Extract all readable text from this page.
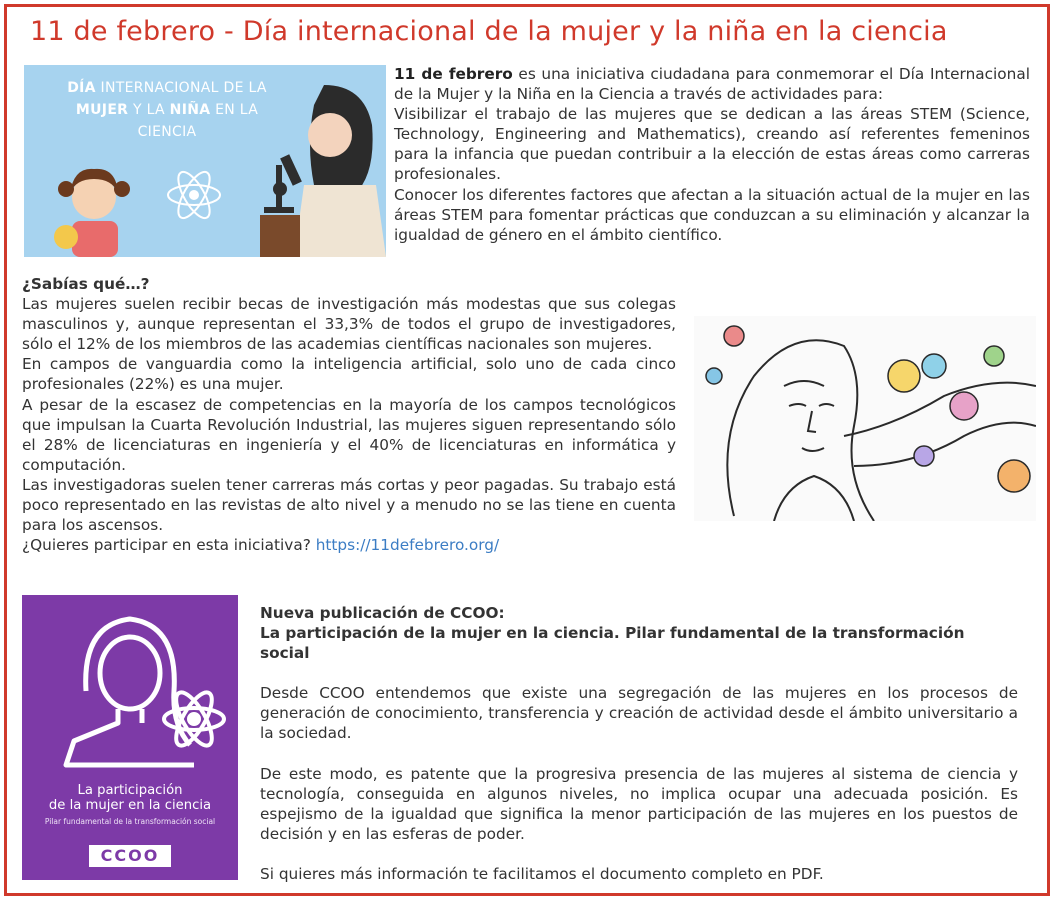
11 de febrero - Día internacional de la mujer y la niña en la ciencia
DÍA INTERNACIONAL DE LA
MUJER Y LA NIÑA EN LA
CIENCIA

11 de febrero es una iniciativa ciudadana para conmemorar el Día Internacional de la Mujer y la Niña en la Ciencia a través de actividades para:

Visibilizar el trabajo de las mujeres que se dedican a las áreas STEM (Science, Technology, Engineering and Mathematics), creando así referentes femeninos para la infancia que puedan contribuir a la elección de estas áreas como carreras profesionales.

Conocer los diferentes factores que afectan a la situación actual de la mujer en las áreas STEM para fomentar prácticas que conduzcan a su eliminación y alcanzar la igualdad de género en el ámbito científico.

¿Sabías qué…?

Las mujeres suelen recibir becas de investigación más modestas que sus colegas masculinos y, aunque representan el 33,3% de todos el grupo de investigadores, sólo el 12% de los miembros de las academias científicas nacionales son mujeres.

En campos de vanguardia como la inteligencia artificial, solo uno de cada cinco profesionales (22%) es una mujer.

A pesar de la escasez de competencias en la mayoría de los campos tecnológicos que impulsan la Cuarta Revolución Industrial, las mujeres siguen representando sólo el 28% de licenciaturas en ingeniería y el 40% de licenciaturas en informática y computación.

Las investigadoras suelen tener carreras más cortas y peor pagadas. Su trabajo está poco representado en las revistas de alto nivel y a menudo no se las tiene en cuenta para los ascensos.

¿Quieres participar en esta iniciativa? https://11defebrero.org/

La participación
de la mujer en la ciencia
Pilar fundamental de la transformación social
CCOO

Nueva publicación de CCOO:

La participación de la mujer en la ciencia. Pilar fundamental de la transformación social

Desde CCOO entendemos que existe una segregación de las mujeres en los procesos de generación de conocimiento, transferencia y creación de actividad desde el ámbito universitario a la sociedad.

De este modo, es patente que la progresiva presencia de las mujeres al sistema de ciencia y tecnología, conseguida en algunos niveles, no implica ocupar una adecuada posición. Es espejismo de la igualdad que significa la menor participación de las mujeres en los puestos de decisión y en las esferas de poder.

Si quieres más información te facilitamos el documento completo en PDF.
